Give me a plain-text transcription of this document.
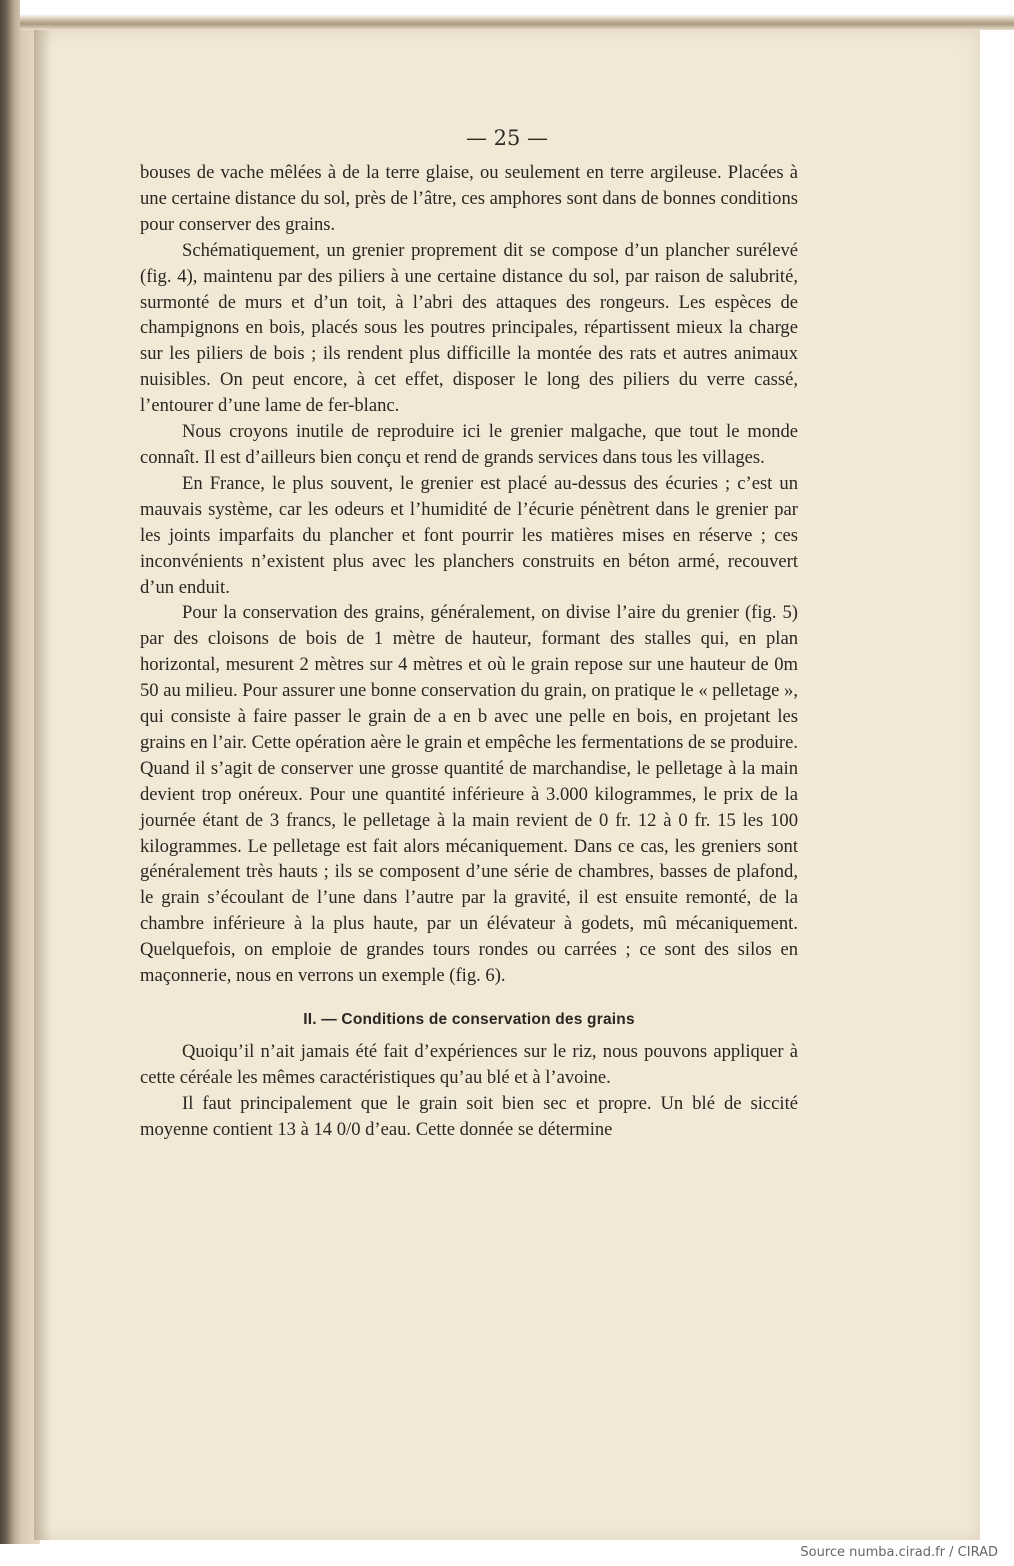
— 25 —

bouses de vache mêlées à de la terre glaise, ou seulement en terre argileuse. Placées à une certaine distance du sol, près de l’âtre, ces amphores sont dans de bonnes conditions pour conserver des grains.

Schématiquement, un grenier proprement dit se compose d’un plancher surélevé (fig. 4), maintenu par des piliers à une certaine distance du sol, par raison de salubrité, surmonté de murs et d’un toit, à l’abri des attaques des rongeurs. Les espèces de champignons en bois, placés sous les poutres principales, répartissent mieux la charge sur les piliers de bois ; ils rendent plus difficille la montée des rats et autres animaux nuisibles. On peut encore, à cet effet, disposer le long des piliers du verre cassé, l’entourer d’une lame de fer-blanc.

Nous croyons inutile de reproduire ici le grenier malgache, que tout le monde connaît. Il est d’ailleurs bien conçu et rend de grands services dans tous les villages.

En France, le plus souvent, le grenier est placé au-dessus des écuries ; c’est un mauvais système, car les odeurs et l’humidité de l’écurie pénètrent dans le grenier par les joints imparfaits du plancher et font pourrir les matières mises en réserve ; ces inconvénients n’existent plus avec les planchers construits en béton armé, recouvert d’un enduit.

Pour la conservation des grains, généralement, on divise l’aire du grenier (fig. 5) par des cloisons de bois de 1 mètre de hauteur, formant des stalles qui, en plan horizontal, mesurent 2 mètres sur 4 mètres et où le grain repose sur une hauteur de 0m 50 au milieu. Pour assurer une bonne conservation du grain, on pratique le « pelletage », qui consiste à faire passer le grain de a en b avec une pelle en bois, en projetant les grains en l’air. Cette opération aère le grain et empêche les fermentations de se produire. Quand il s’agit de conserver une grosse quantité de marchandise, le pelletage à la main devient trop onéreux. Pour une quantité inférieure à 3.000 kilogrammes, le prix de la journée étant de 3 francs, le pelletage à la main revient de 0 fr. 12 à 0 fr. 15 les 100 kilogrammes. Le pelletage est fait alors mécaniquement. Dans ce cas, les greniers sont généralement très hauts ; ils se composent d’une série de chambres, basses de plafond, le grain s’écoulant de l’une dans l’autre par la gravité, il est ensuite remonté, de la chambre inférieure à la plus haute, par un élévateur à godets, mû mécaniquement. Quelquefois, on emploie de grandes tours rondes ou carrées ; ce sont des silos en maçonnerie, nous en verrons un exemple (fig. 6).

II. — Conditions de conservation des grains

Quoiqu’il n’ait jamais été fait d’expériences sur le riz, nous pouvons appliquer à cette céréale les mêmes caractéristiques qu’au blé et à l’avoine.

Il faut principalement que le grain soit bien sec et propre. Un blé de siccité moyenne contient 13 à 14 0/0 d’eau. Cette donnée se détermine

Source numba.cirad.fr / CIRAD
